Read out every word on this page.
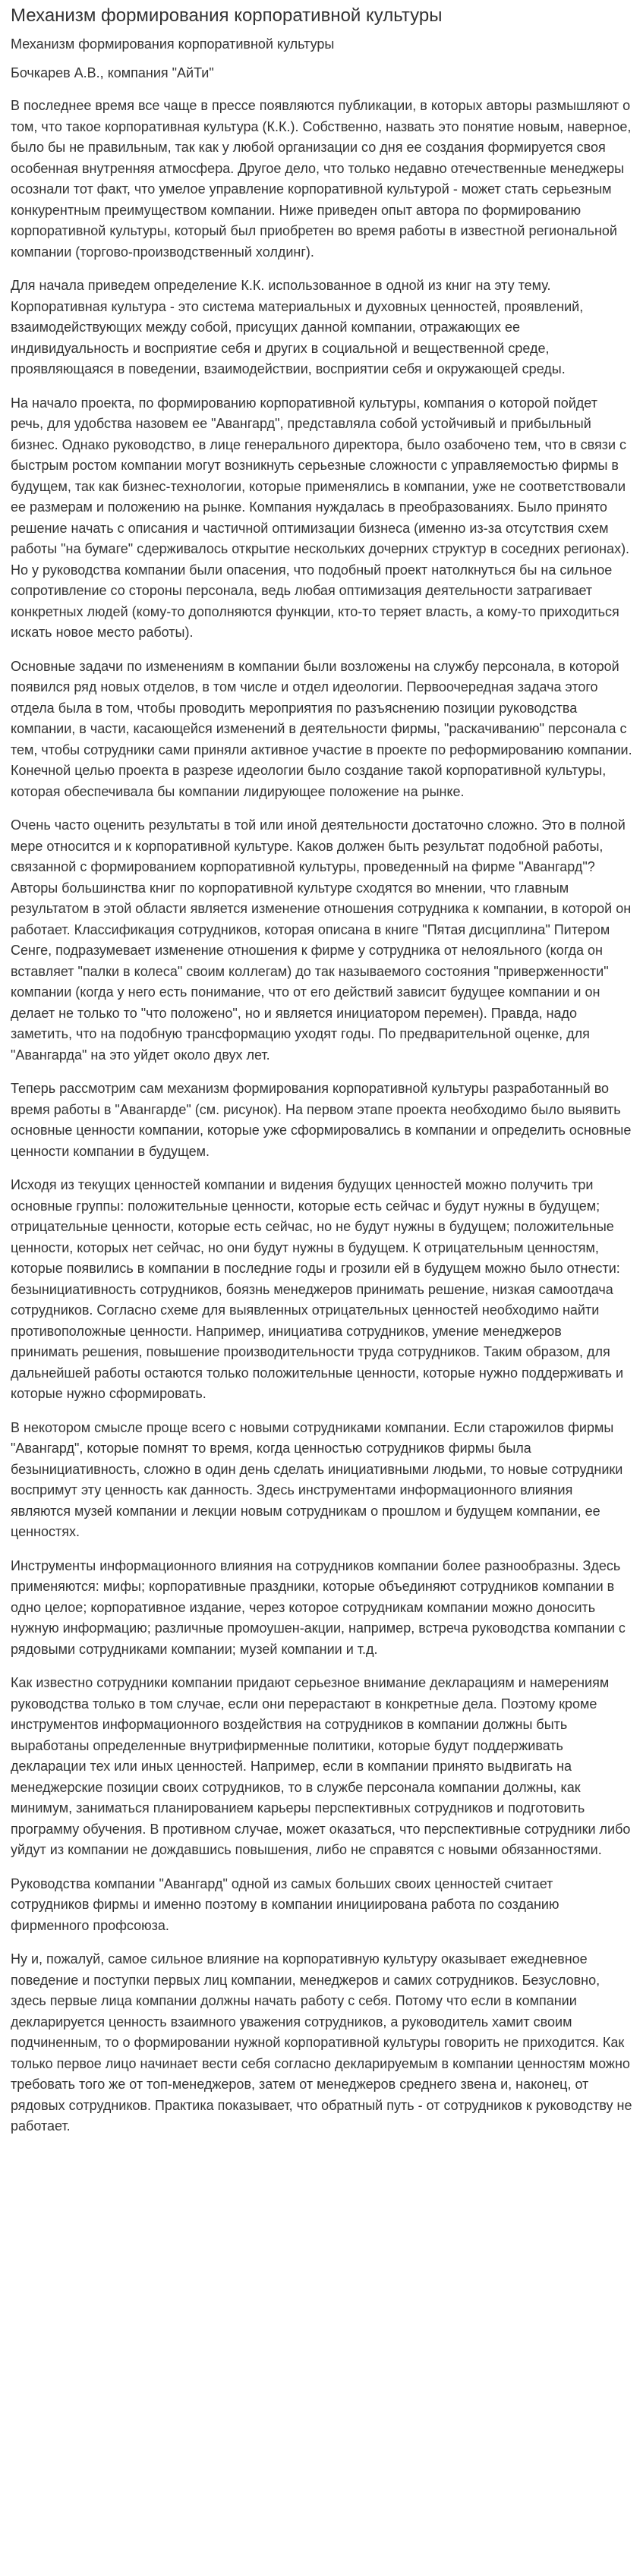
Механизм формирования корпоративной культуры
Механизм формирования корпоративной культуры
Бочкарев А.В., компания "АйТи"

В последнее время все чаще в прессе появляются публикации, в которых авторы размышляют о том, что такое корпоративная культура (К.К.). Собственно, назвать это понятие новым, наверное, было бы не правильным, так как у любой организации со дня ее создания формируется своя особенная внутренняя атмосфера. Другое дело, что только недавно отечественные менеджеры осознали тот факт, что умелое управление корпоративной культурой - может стать серьезным конкурентным преимуществом компании. Ниже приведен опыт автора по формированию корпоративной культуры, который был приобретен во время работы в известной региональной компании (торгово-производственный холдинг).

Для начала приведем определение К.К. использованное в одной из книг на эту тему. Корпоративная культура - это система материальных и духовных ценностей, проявлений, взаимодействующих между собой, присущих данной компании, отражающих ее индивидуальность и восприятие себя и других в социальной и вещественной среде, проявляющаяся в поведении, взаимодействии, восприятии себя и окружающей среды.

На начало проекта, по формированию корпоративной культуры, компания о которой пойдет речь, для удобства назовем ее "Авангард", представляла собой устойчивый и прибыльный бизнес. Однако руководство, в лице генерального директора, было озабочено тем, что в связи с быстрым ростом компании могут возникнуть серьезные сложности с управляемостью фирмы в будущем, так как бизнес-технологии, которые применялись в компании, уже не соответствовали ее размерам и положению на рынке. Компания нуждалась в преобразованиях. Было принято решение начать с описания и частичной оптимизации бизнеса (именно из-за отсутствия схем работы "на бумаге" сдерживалось открытие нескольких дочерних структур в соседних регионах). Но у руководства компании были опасения, что подобный проект натолкнуться бы на сильное сопротивление со стороны персонала, ведь любая оптимизация деятельности затрагивает конкретных людей (кому-то дополняются функции, кто-то теряет власть, а кому-то приходиться искать новое место работы).

Основные задачи по изменениям в компании были возложены на службу персонала, в которой появился ряд новых отделов, в том числе и отдел идеологии. Первоочередная задача этого отдела была в том, чтобы проводить мероприятия по разъяснению позиции руководства компании, в части, касающейся изменений в деятельности фирмы, "раскачиванию" персонала с тем, чтобы сотрудники сами приняли активное участие в проекте по реформированию компании. Конечной целью проекта в разрезе идеологии было создание такой корпоративной культуры, которая обеспечивала бы компании лидирующее положение на рынке.

Очень часто оценить результаты в той или иной деятельности достаточно сложно. Это в полной мере относится и к корпоративной культуре. Каков должен быть результат подобной работы, связанной с формированием корпоративной культуры, проведенный на фирме "Авангард"? Авторы большинства книг по корпоративной культуре сходятся во мнении, что главным результатом в этой области является изменение отношения сотрудника к компании, в которой он работает. Классификация сотрудников, которая описана в книге "Пятая дисциплина" Питером Сенге, подразумевает изменение отношения к фирме у сотрудника от нелояльного (когда он вставляет "палки в колеса" своим коллегам) до так называемого состояния "приверженности" компании (когда у него есть понимание, что от его действий зависит будущее компании и он делает не только то "что положено", но и является инициатором перемен). Правда, надо заметить, что на подобную трансформацию уходят годы. По предварительной оценке, для "Авангарда" на это уйдет около двух лет.

Теперь рассмотрим сам механизм формирования корпоративной культуры разработанный во время работы в "Авангарде" (см. рисунок). На первом этапе проекта необходимо было выявить основные ценности компании, которые уже сформировались в компании и определить основные ценности компании в будущем.

Исходя из текущих ценностей компании и видения будущих ценностей можно получить три основные группы: положительные ценности, которые есть сейчас и будут нужны в будущем; отрицательные ценности, которые есть сейчас, но не будут нужны в будущем; положительные ценности, которых нет сейчас, но они будут нужны в будущем. К отрицательным ценностям, которые появились в компании в последние годы и грозили ей в будущем можно было отнести: безынициативность сотрудников, боязнь менеджеров принимать решение, низкая самоотдача сотрудников. Согласно схеме для выявленных отрицательных ценностей необходимо найти противоположные ценности. Например, инициатива сотрудников, умение менеджеров принимать решения, повышение производительности труда сотрудников. Таким образом, для дальнейшей работы остаются только положительные ценности, которые нужно поддерживать и которые нужно сформировать.

В некотором смысле проще всего с новыми сотрудниками компании. Если старожилов фирмы "Авангард", которые помнят то время, когда ценностью сотрудников фирмы была безынициативность, сложно в один день сделать инициативными людьми, то новые сотрудники воспримут эту ценность как данность. Здесь инструментами информационного влияния являются музей компании и лекции новым сотрудникам о прошлом и будущем компании, ее ценностях.

Инструменты информационного влияния на сотрудников компании более разнообразны. Здесь применяются: мифы; корпоративные праздники, которые объединяют сотрудников компании в одно целое; корпоративное издание, через которое сотрудникам компании можно доносить нужную информацию; различные промоушен-акции, например, встреча руководства компании с рядовыми сотрудниками компании; музей компании и т.д.

Как известно сотрудники компании придают серьезное внимание декларациям и намерениям руководства только в том случае, если они перерастают в конкретные дела. Поэтому кроме инструментов информационного воздействия на сотрудников в компании должны быть выработаны определенные внутрифирменные политики, которые будут поддерживать декларации тех или иных ценностей. Например, если в компании принято выдвигать на менеджерские позиции своих сотрудников, то в службе персонала компании должны, как минимум, заниматься планированием карьеры перспективных сотрудников и подготовить программу обучения. В противном случае, может оказаться, что перспективные сотрудники либо уйдут из компании не дождавшись повышения, либо не справятся с новыми обязанностями.

Руководства компании "Авангард" одной из самых больших своих ценностей считает сотрудников фирмы и именно поэтому в компании инициирована работа по созданию фирменного профсоюза.

Ну и, пожалуй, самое сильное влияние на корпоративную культуру оказывает ежедневное поведение и поступки первых лиц компании, менеджеров и самих сотрудников. Безусловно, здесь первые лица компании должны начать работу с себя. Потому что если в компании декларируется ценность взаимного уважения сотрудников, а руководитель хамит своим подчиненным, то о формировании нужной корпоративной культуры говорить не приходится. Как только первое лицо начинает вести себя согласно декларируемым в компании ценностям можно требовать того же от топ-менеджеров, затем от менеджеров среднего звена и, наконец, от рядовых сотрудников. Практика показывает, что обратный путь - от сотрудников к руководству не работает.
